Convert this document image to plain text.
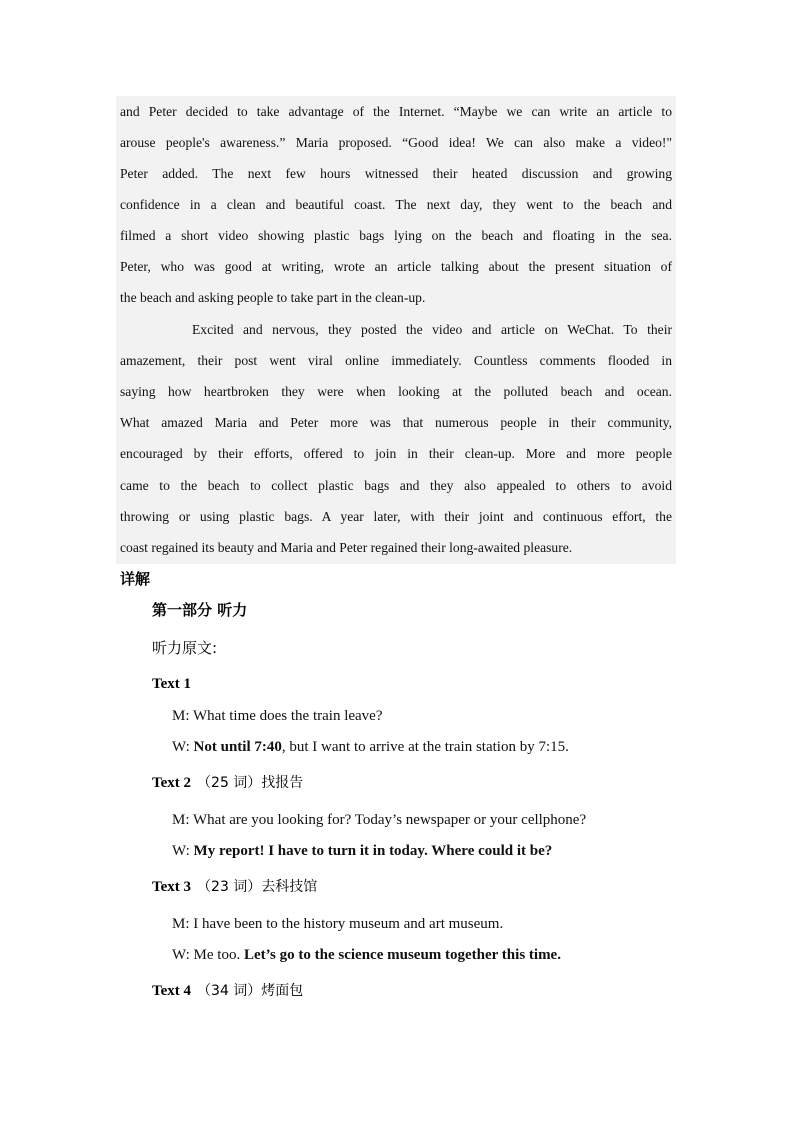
and Peter decided to take advantage of the Internet. “Maybe we can write an article to
arouse people's awareness.” Maria proposed. “Good idea! We can also make a video!"
Peter added. The next few hours witnessed their heated discussion and growing
confidence in a clean and beautiful coast. The next day, they went to the beach and
filmed a short video showing plastic bags lying on the beach and floating in the sea.
Peter, who was good at writing, wrote an article talking about the present situation of
the beach and asking people to take part in the clean-up.
Excited and nervous, they posted the video and article on WeChat. To their
amazement, their post went viral online immediately. Countless comments flooded in
saying how heartbroken they were when looking at the polluted beach and ocean.
What amazed Maria and Peter more was that numerous people in their community,
encouraged by their efforts, offered to join in their clean-up. More and more people
came to the beach to collect plastic bags and they also appealed to others to avoid
throwing or using plastic bags. A year later, with their joint and continuous effort, the
coast regained its beauty and Maria and Peter regained their long-awaited pleasure.
详解
第一部分 听力
听力原文:
Text 1
M: What time does the train leave?
W: Not until 7:40, but I want to arrive at the train station by 7:15.
Text 2 （25 词）找报告
M: What are you looking for? Today’s newspaper or your cellphone?
W: My report! I have to turn it in today. Where could it be?
Text 3 （23 词）去科技馆
M: I have been to the history museum and art museum.
W: Me too. Let’s go to the science museum together this time.
Text 4 （34 词）烤面包
